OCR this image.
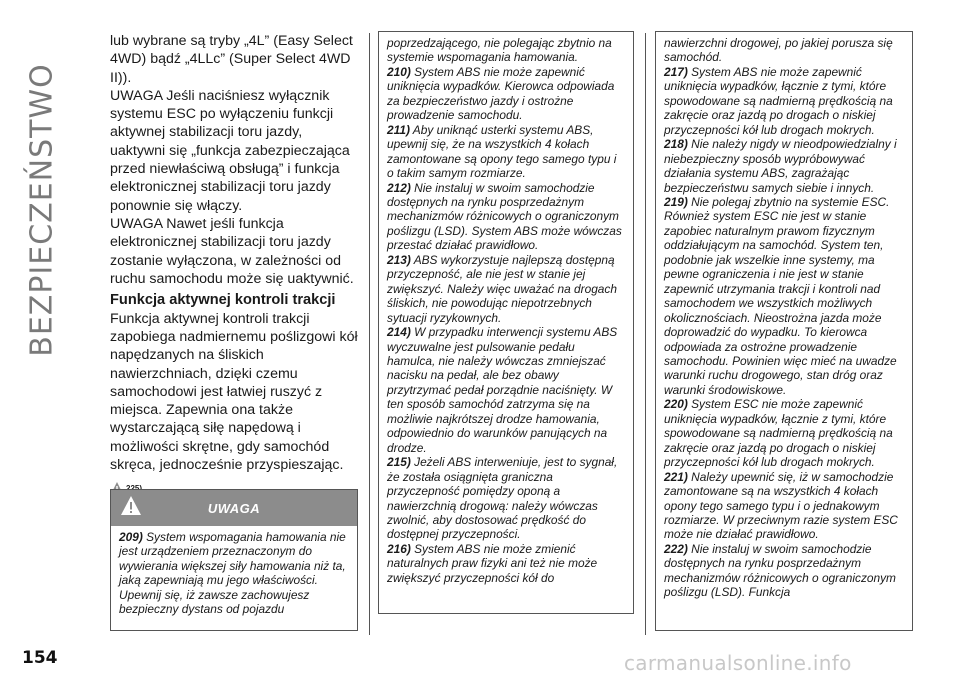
BEZPIECZEŃSTWO

lub wybrane są tryby „4L” (Easy Select 4WD) bądź „4LLc” (Super Select 4WD II)).

UWAGA Jeśli naciśniesz wyłącznik systemu ESC po wyłączeniu funkcji aktywnej stabilizacji toru jazdy, uaktywni się „funkcja zabezpieczająca przed niewłaściwą obsługą” i funkcja elektronicznej stabilizacji toru jazdy ponownie się włączy.

UWAGA Nawet jeśli funkcja elektronicznej stabilizacji toru jazdy zostanie wyłączona, w zależności od ruchu samochodu może się uaktywnić.

Funkcja aktywnej kontroli trakcji

Funkcja aktywnej kontroli trakcji zapobiega nadmiernemu poślizgowi kół napędzanych na śliskich nawierzchniach, dzięki czemu samochodowi jest łatwiej ruszyć z miejsca. Zapewnia ona także wystarczającą siłę napędową i możliwości skrętne, gdy samochód skręca, jednocześnie przyspieszając.

UWAGA

209) System wspomagania hamowania nie jest urządzeniem przeznaczonym do wywierania większej siły hamowania niż ta, jaką zapewniają mu jego właściwości. Upewnij się, iż zawsze zachowujesz bezpieczny dystans od pojazdu

poprzedzającego, nie polegając zbytnio na systemie wspomagania hamowania.

210) System ABS nie może zapewnić uniknięcia wypadków. Kierowca odpowiada za bezpieczeństwo jazdy i ostrożne prowadzenie samochodu.

211) Aby uniknąć usterki systemu ABS, upewnij się, że na wszystkich 4 kołach zamontowane są opony tego samego typu i o takim samym rozmiarze.

212) Nie instaluj w swoim samochodzie dostępnych na rynku posprzedażnym mechanizmów różnicowych o ograniczonym poślizgu (LSD). System ABS może wówczas przestać działać prawidłowo.

213) ABS wykorzystuje najlepszą dostępną przyczepność, ale nie jest w stanie jej zwiększyć. Należy więc uważać na drogach śliskich, nie powodując niepotrzebnych sytuacji ryzykownych.

214) W przypadku interwencji systemu ABS wyczuwalne jest pulsowanie pedału hamulca, nie należy wówczas zmniejszać nacisku na pedał, ale bez obawy przytrzymać pedał porządnie naciśnięty. W ten sposób samochód zatrzyma się na możliwie najkrótszej drodze hamowania, odpowiednio do warunków panujących na drodze.

215) Jeżeli ABS interweniuje, jest to sygnał, że została osiągnięta graniczna przyczepność pomiędzy oponą a nawierzchnią drogową: należy wówczas zwolnić, aby dostosować prędkość do dostępnej przyczepności.

216) System ABS nie może zmienić naturalnych praw fizyki ani też nie może zwiększyć przyczepności kół do

nawierzchni drogowej, po jakiej porusza się samochód.

217) System ABS nie może zapewnić uniknięcia wypadków, łącznie z tymi, które spowodowane są nadmierną prędkością na zakręcie oraz jazdą po drogach o niskiej przyczepności kół lub drogach mokrych.

218) Nie należy nigdy w nieodpowiedzialny i niebezpieczny sposób wypróbowywać działania systemu ABS, zagrażając bezpieczeństwu samych siebie i innych.

219) Nie polegaj zbytnio na systemie ESC. Również system ESC nie jest w stanie zapobiec naturalnym prawom fizycznym oddziałującym na samochód. System ten, podobnie jak wszelkie inne systemy, ma pewne ograniczenia i nie jest w stanie zapewnić utrzymania trakcji i kontroli nad samochodem we wszystkich możliwych okolicznościach. Nieostrożna jazda może doprowadzić do wypadku. To kierowca odpowiada za ostrożne prowadzenie samochodu. Powinien więc mieć na uwadze warunki ruchu drogowego, stan dróg oraz warunki środowiskowe.

220) System ESC nie może zapewnić uniknięcia wypadków, łącznie z tymi, które spowodowane są nadmierną prędkością na zakręcie oraz jazdą po drogach o niskiej przyczepności kół lub drogach mokrych.

221) Należy upewnić się, iż w samochodzie zamontowane są na wszystkich 4 kołach opony tego samego typu i o jednakowym rozmiarze. W przeciwnym razie system ESC może nie działać prawidłowo.

222) Nie instaluj w swoim samochodzie dostępnych na rynku posprzedażnym mechanizmów różnicowych o ograniczonym poślizgu (LSD). Funkcja

154	carmanualsonline.info
